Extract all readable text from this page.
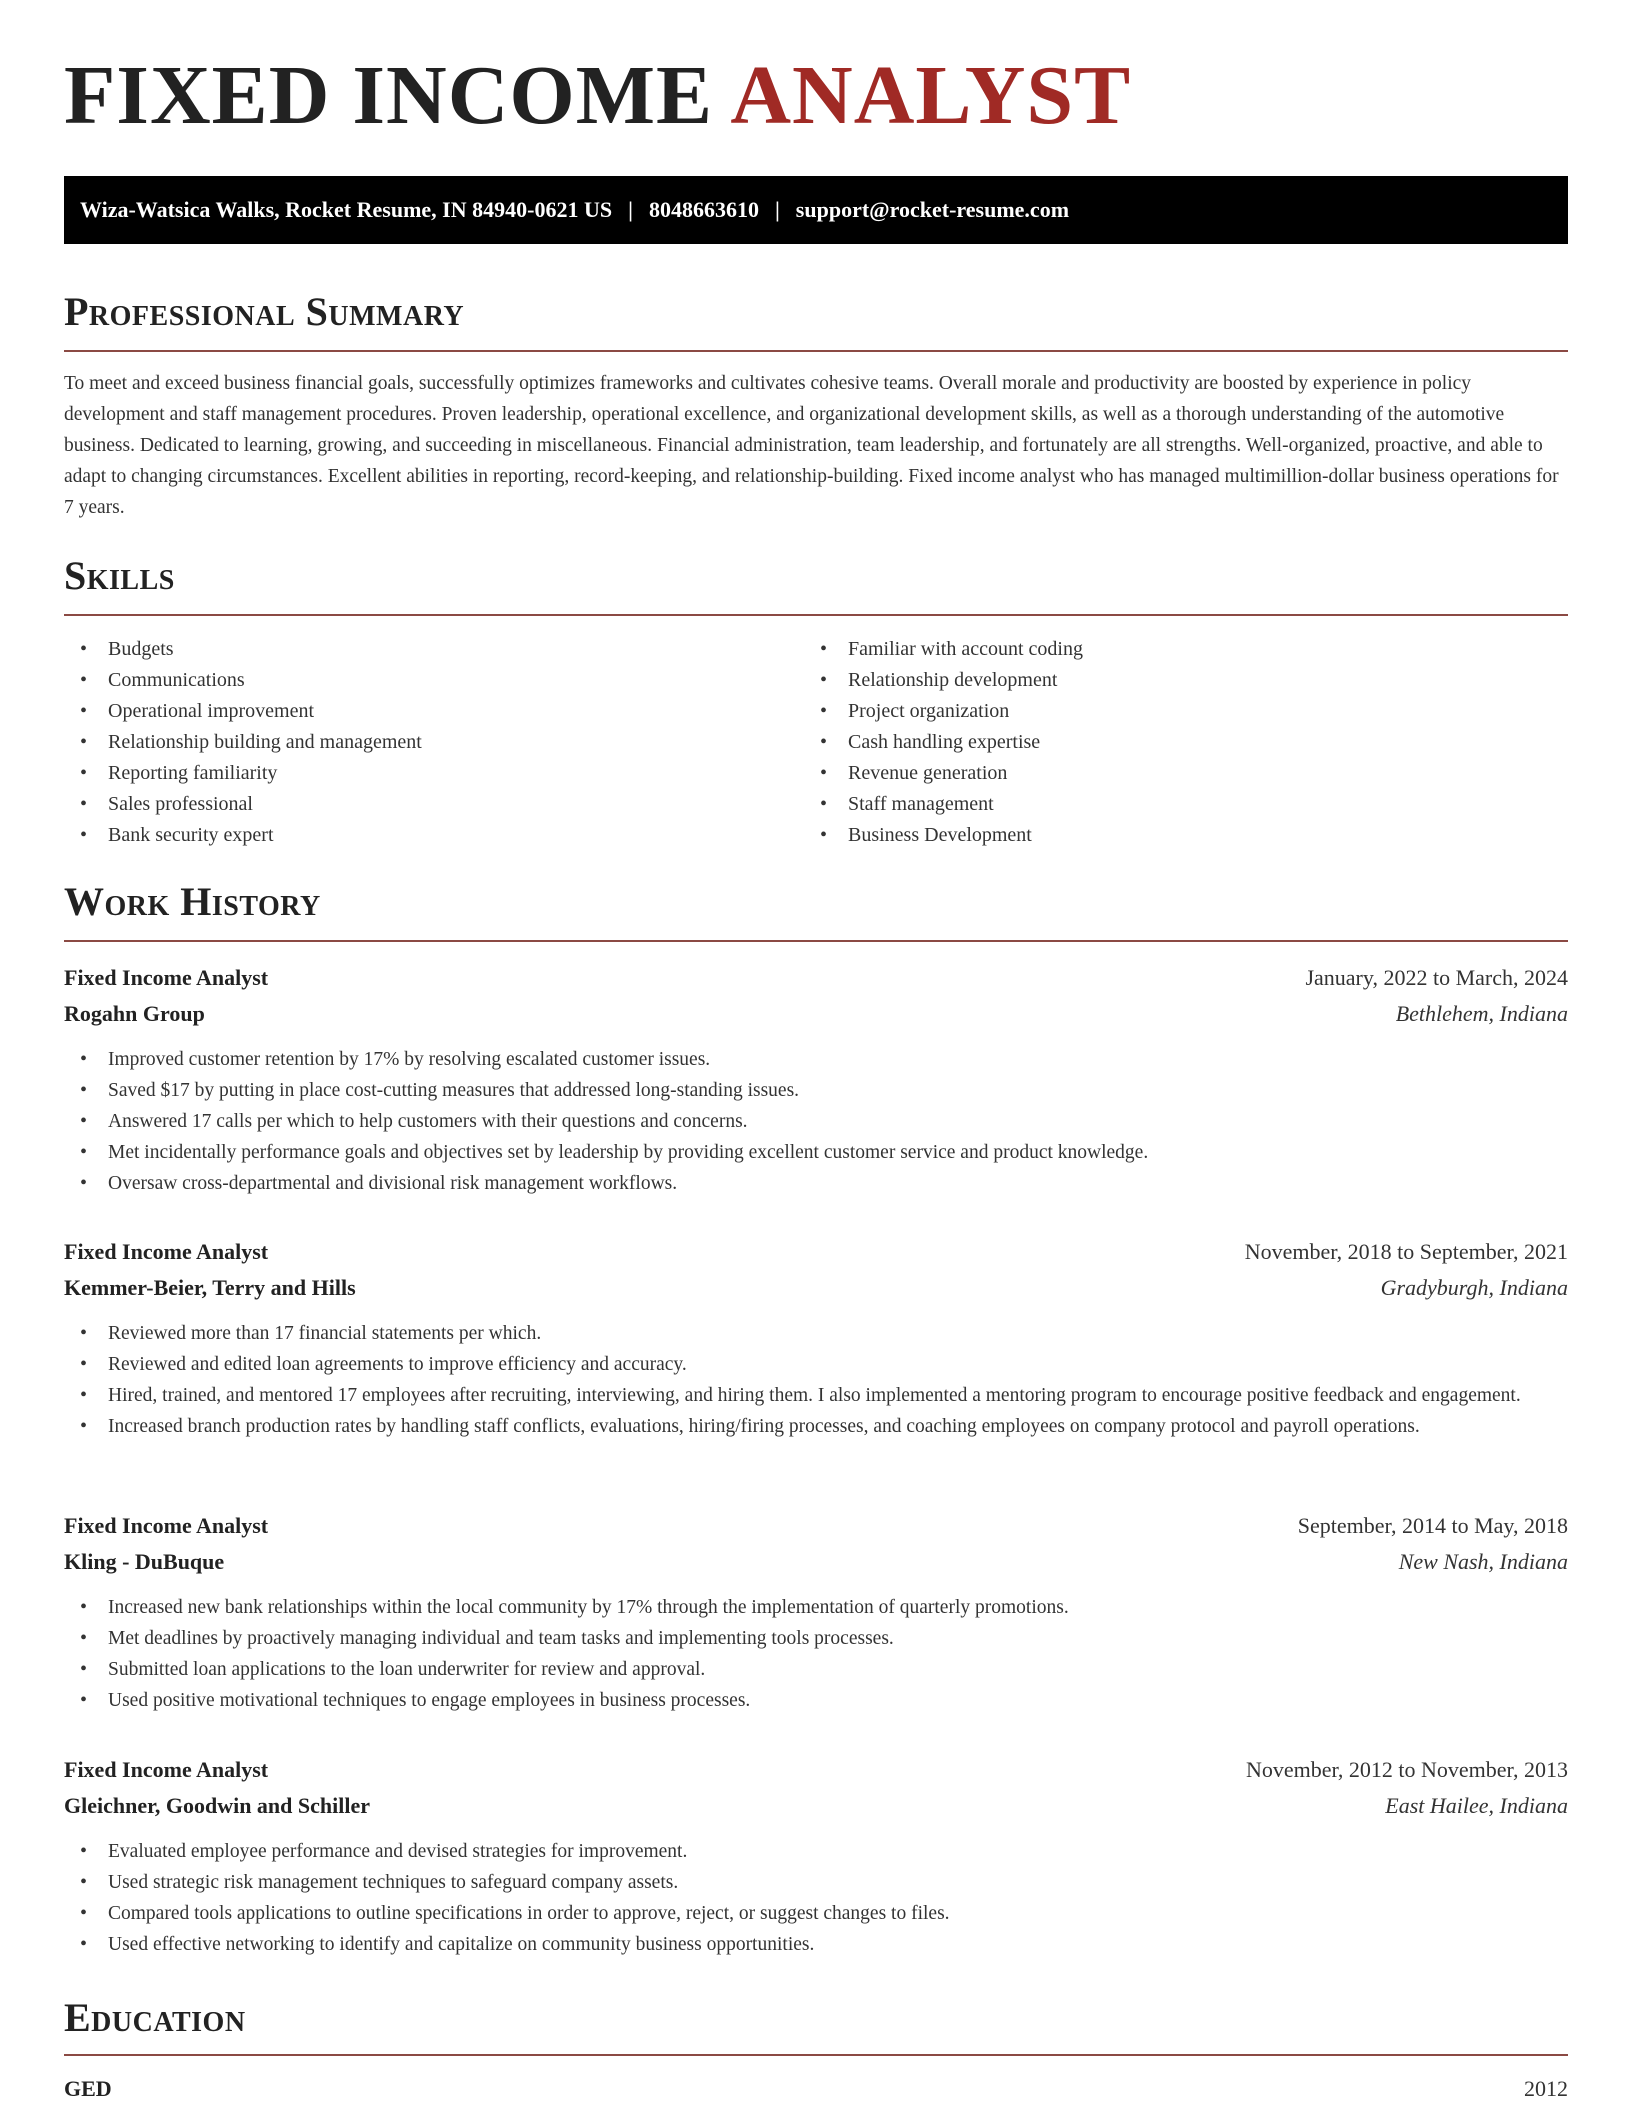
FIXED INCOME ANALYST
Wiza-Watsica Walks, Rocket Resume, IN 84940-0621 US | 8048663610 | support@rocket-resume.com
Professional Summary

To meet and exceed business financial goals, successfully optimizes frameworks and cultivates cohesive teams. Overall morale and productivity are boosted by experience in policy development and staff management procedures. Proven leadership, operational excellence, and organizational development skills, as well as a thorough understanding of the automotive business. Dedicated to learning, growing, and succeeding in miscellaneous. Financial administration, team leadership, and fortunately are all strengths. Well-organized, proactive, and able to adapt to changing circumstances. Excellent abilities in reporting, record-keeping, and relationship-building. Fixed income analyst who has managed multimillion-dollar business operations for 7 years.

Skills
• Budgets
• Communications
• Operational improvement
• Relationship building and management
• Reporting familiarity
• Sales professional
• Bank security expert
• Familiar with account coding
• Relationship development
• Project organization
• Cash handling expertise
• Revenue generation
• Staff management
• Business Development
Work History
Fixed Income Analyst	January, 2022 to March, 2024
Rogahn Group	Bethlehem, Indiana
• Improved customer retention by 17% by resolving escalated customer issues.
• Saved $17 by putting in place cost-cutting measures that addressed long-standing issues.
• Answered 17 calls per which to help customers with their questions and concerns.
• Met incidentally performance goals and objectives set by leadership by providing excellent customer service and product knowledge.
• Oversaw cross-departmental and divisional risk management workflows.
Fixed Income Analyst	November, 2018 to September, 2021
Kemmer-Beier, Terry and Hills	Gradyburgh, Indiana
• Reviewed more than 17 financial statements per which.
• Reviewed and edited loan agreements to improve efficiency and accuracy.
• Hired, trained, and mentored 17 employees after recruiting, interviewing, and hiring them. I also implemented a mentoring program to encourage positive feedback and engagement.
• Increased branch production rates by handling staff conflicts, evaluations, hiring/firing processes, and coaching employees on company protocol and payroll operations.
Fixed Income Analyst	September, 2014 to May, 2018
Kling - DuBuque	New Nash, Indiana
• Increased new bank relationships within the local community by 17% through the implementation of quarterly promotions.
• Met deadlines by proactively managing individual and team tasks and implementing tools processes.
• Submitted loan applications to the loan underwriter for review and approval.
• Used positive motivational techniques to engage employees in business processes.
Fixed Income Analyst	November, 2012 to November, 2013
Gleichner, Goodwin and Schiller	East Hailee, Indiana
• Evaluated employee performance and devised strategies for improvement.
• Used strategic risk management techniques to safeguard company assets.
• Compared tools applications to outline specifications in order to approve, reject, or suggest changes to files.
• Used effective networking to identify and capitalize on community business opportunities.
Education
GED	2012
